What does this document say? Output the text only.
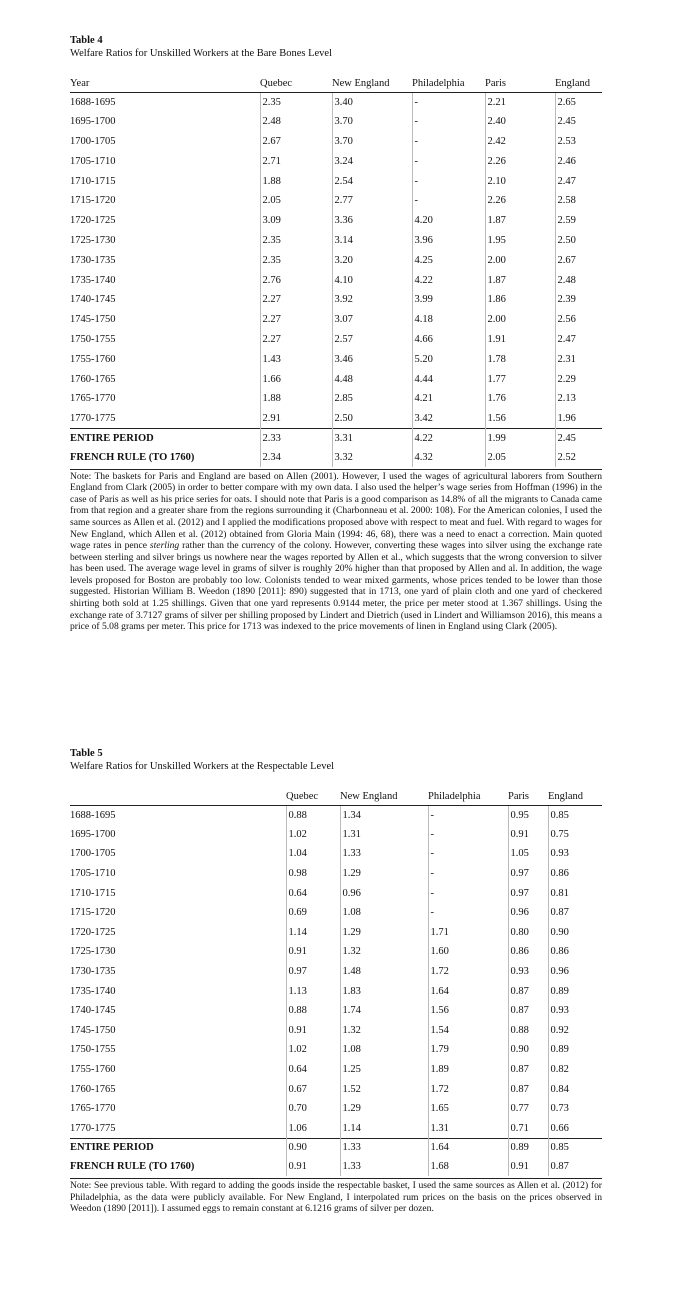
Table 4
Welfare Ratios for Unskilled Workers at the Bare Bones Level
Year	Quebec	New England	Philadelphia	Paris	England
1688-1695	2.35	3.40	-	2.21	2.65
1695-1700	2.48	3.70	-	2.40	2.45
1700-1705	2.67	3.70	-	2.42	2.53
1705-1710	2.71	3.24	-	2.26	2.46
1710-1715	1.88	2.54	-	2.10	2.47
1715-1720	2.05	2.77	-	2.26	2.58
1720-1725	3.09	3.36	4.20	1.87	2.59
1725-1730	2.35	3.14	3.96	1.95	2.50
1730-1735	2.35	3.20	4.25	2.00	2.67
1735-1740	2.76	4.10	4.22	1.87	2.48
1740-1745	2.27	3.92	3.99	1.86	2.39
1745-1750	2.27	3.07	4.18	2.00	2.56
1750-1755	2.27	2.57	4.66	1.91	2.47
1755-1760	1.43	3.46	5.20	1.78	2.31
1760-1765	1.66	4.48	4.44	1.77	2.29
1765-1770	1.88	2.85	4.21	1.76	2.13
1770-1775	2.91	2.50	3.42	1.56	1.96
ENTIRE PERIOD	2.33	3.31	4.22	1.99	2.45
FRENCH RULE (TO 1760)	2.34	3.32	4.32	2.05	2.52
Note: The baskets for Paris and England are based on Allen (2001). However, I used the wages of agricultural laborers from Southern England from Clark (2005) in order to better compare with my own data. I also used the helper’s wage series from Hoffman (1996) in the case of Paris as well as his price series for oats. I should note that Paris is a good comparison as 14.8% of all the migrants to Canada came from that region and a greater share from the regions surrounding it (Charbonneau et al. 2000: 108). For the American colonies, I used the same sources as Allen et al. (2012) and I applied the modifications proposed above with respect to meat and fuel. With regard to wages for New England, which Allen et al. (2012) obtained from Gloria Main (1994: 46, 68), there was a need to enact a correction. Main quoted wage rates in pence sterling rather than the currency of the colony. However, converting these wages into silver using the exchange rate between sterling and silver brings us nowhere near the wages reported by Allen et al., which suggests that the wrong conversion to silver has been used. The average wage level in grams of silver is roughly 20% higher than that proposed by Allen and al. In addition, the wage levels proposed for Boston are probably too low. Colonists tended to wear mixed garments, whose prices tended to be lower than those suggested. Historian William B. Weedon (1890 [2011]: 890) suggested that in 1713, one yard of plain cloth and one yard of checkered shirting both sold at 1.25 shillings. Given that one yard represents 0.9144 meter, the price per meter stood at 1.367 shillings. Using the exchange rate of 3.7127 grams of silver per shilling proposed by Lindert and Dietrich (used in Lindert and Williamson 2016), this means a price of 5.08 grams per meter. This price for 1713 was indexed to the price movements of linen in England using Clark (2005).
Table 5
Welfare Ratios for Unskilled Workers at the Respectable Level
	Quebec	New England	Philadelphia	Paris	England
1688-1695	0.88	1.34	-	0.95	0.85
1695-1700	1.02	1.31	-	0.91	0.75
1700-1705	1.04	1.33	-	1.05	0.93
1705-1710	0.98	1.29	-	0.97	0.86
1710-1715	0.64	0.96	-	0.97	0.81
1715-1720	0.69	1.08	-	0.96	0.87
1720-1725	1.14	1.29	1.71	0.80	0.90
1725-1730	0.91	1.32	1.60	0.86	0.86
1730-1735	0.97	1.48	1.72	0.93	0.96
1735-1740	1.13	1.83	1.64	0.87	0.89
1740-1745	0.88	1.74	1.56	0.87	0.93
1745-1750	0.91	1.32	1.54	0.88	0.92
1750-1755	1.02	1.08	1.79	0.90	0.89
1755-1760	0.64	1.25	1.89	0.87	0.82
1760-1765	0.67	1.52	1.72	0.87	0.84
1765-1770	0.70	1.29	1.65	0.77	0.73
1770-1775	1.06	1.14	1.31	0.71	0.66
ENTIRE PERIOD	0.90	1.33	1.64	0.89	0.85
FRENCH RULE (TO 1760)	0.91	1.33	1.68	0.91	0.87
Note: See previous table. With regard to adding the goods inside the respectable basket, I used the same sources as Allen et al. (2012) for Philadelphia, as the data were publicly available. For New England, I interpolated rum prices on the basis on the prices observed in Weedon (1890 [2011]). I assumed eggs to remain constant at 6.1216 grams of silver per dozen.
